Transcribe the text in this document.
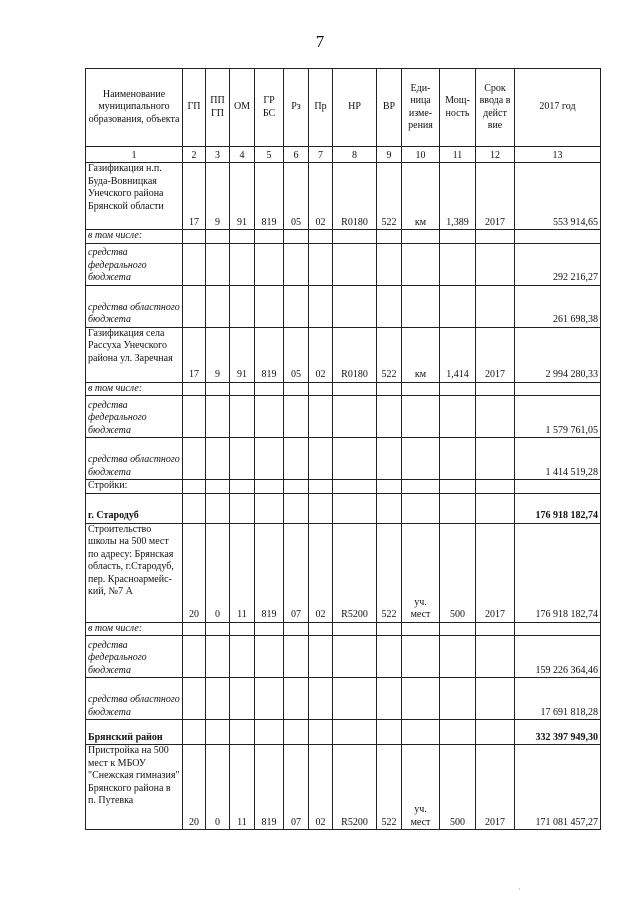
7
Наименование муниципального образования, объекта	ГП	ПП ГП	ОМ	ГР БС	Рз	Пр	НР	ВР	Еди-ница изме-рения	Мощ-ность	Срок ввода в дейст вие	2017 год
1	2	3	4	5	6	7	8	9	10	11	12	13
Газификация н.п. Буда-Вовницкая Унечского района Брянской области	17	9	91	819	05	02	R0180	522	км	1,389	2017	553 914,65
в том числе:												
средства федерального бюджета												292 216,27
средства областного бюджета												261 698,38
Газификация села Рассуха Унечского района ул. Заречная	17	9	91	819	05	02	R0180	522	км	1,414	2017	2 994 280,33
в том числе:												
средства федерального бюджета												1 579 761,05
средства областного бюджета												1 414 519,28
Стройки:												
г. Стародуб												176 918 182,74
Строительство школы на 500 мест по адресу: Брянская область, г.Стародуб, пер. Красноармейс-кий, №7 А	20	0	11	819	07	02	R5200	522	уч. мест	500	2017	176 918 182,74
в том числе:												
средства федерального бюджета												159 226 364,46
средства областного бюджета												17 691 818,28
Брянский район												332 397 949,30
Пристройка на 500 мест к МБОУ "Снежская гимназия" Брянского района в п. Путевка	20	0	11	819	07	02	R5200	522	уч. мест	500	2017	171 081 457,27
·
